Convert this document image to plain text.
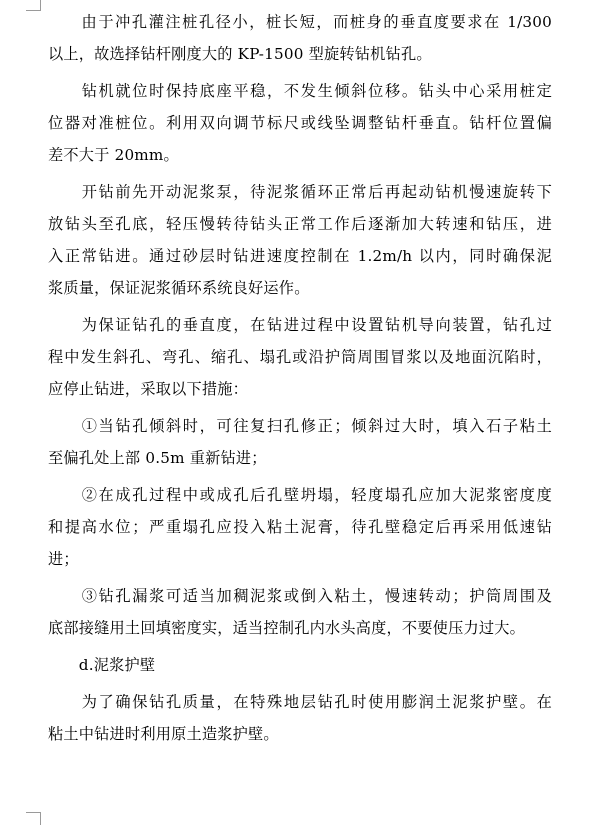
　　由于冲孔灌注桩孔径小，桩长短，而桩身的垂直度要求在 1/300
以上，故选择钻杆刚度大的 KP-1500 型旋转钻机钻孔。
　　钻机就位时保持底座平稳，不发生倾斜位移。钻头中心采用桩定
位器对准桩位。利用双向调节标尺或线坠调整钻杆垂直。钻杆位置偏
差不大于 20mm。
　　开钻前先开动泥浆泵，待泥浆循环正常后再起动钻机慢速旋转下
放钻头至孔底，轻压慢转待钻头正常工作后逐渐加大转速和钻压，进
入正常钻进。通过砂层时钻进速度控制在 1.2m/h 以内，同时确保泥
浆质量，保证泥浆循环系统良好运作。
　　为保证钻孔的垂直度，在钻进过程中设置钻机导向装置，钻孔过
程中发生斜孔、弯孔、缩孔、塌孔或沿护筒周围冒浆以及地面沉陷时，
应停止钻进，采取以下措施：
　　①当钻孔倾斜时，可往复扫孔修正；倾斜过大时，填入石子粘土
至偏孔处上部 0.5m 重新钻进；
　　②在成孔过程中或成孔后孔壁坍塌，轻度塌孔应加大泥浆密度度
和提高水位；严重塌孔应投入粘土泥膏，待孔壁稳定后再采用低速钻
进；
　　③钻孔漏浆可适当加稠泥浆或倒入粘土，慢速转动；护筒周围及
底部接缝用土回填密度实，适当控制孔内水头高度，不要使压力过大。
　　d.泥浆护壁
　　为了确保钻孔质量，在特殊地层钻孔时使用膨润土泥浆护壁。在
粘土中钻进时利用原土造浆护壁。
